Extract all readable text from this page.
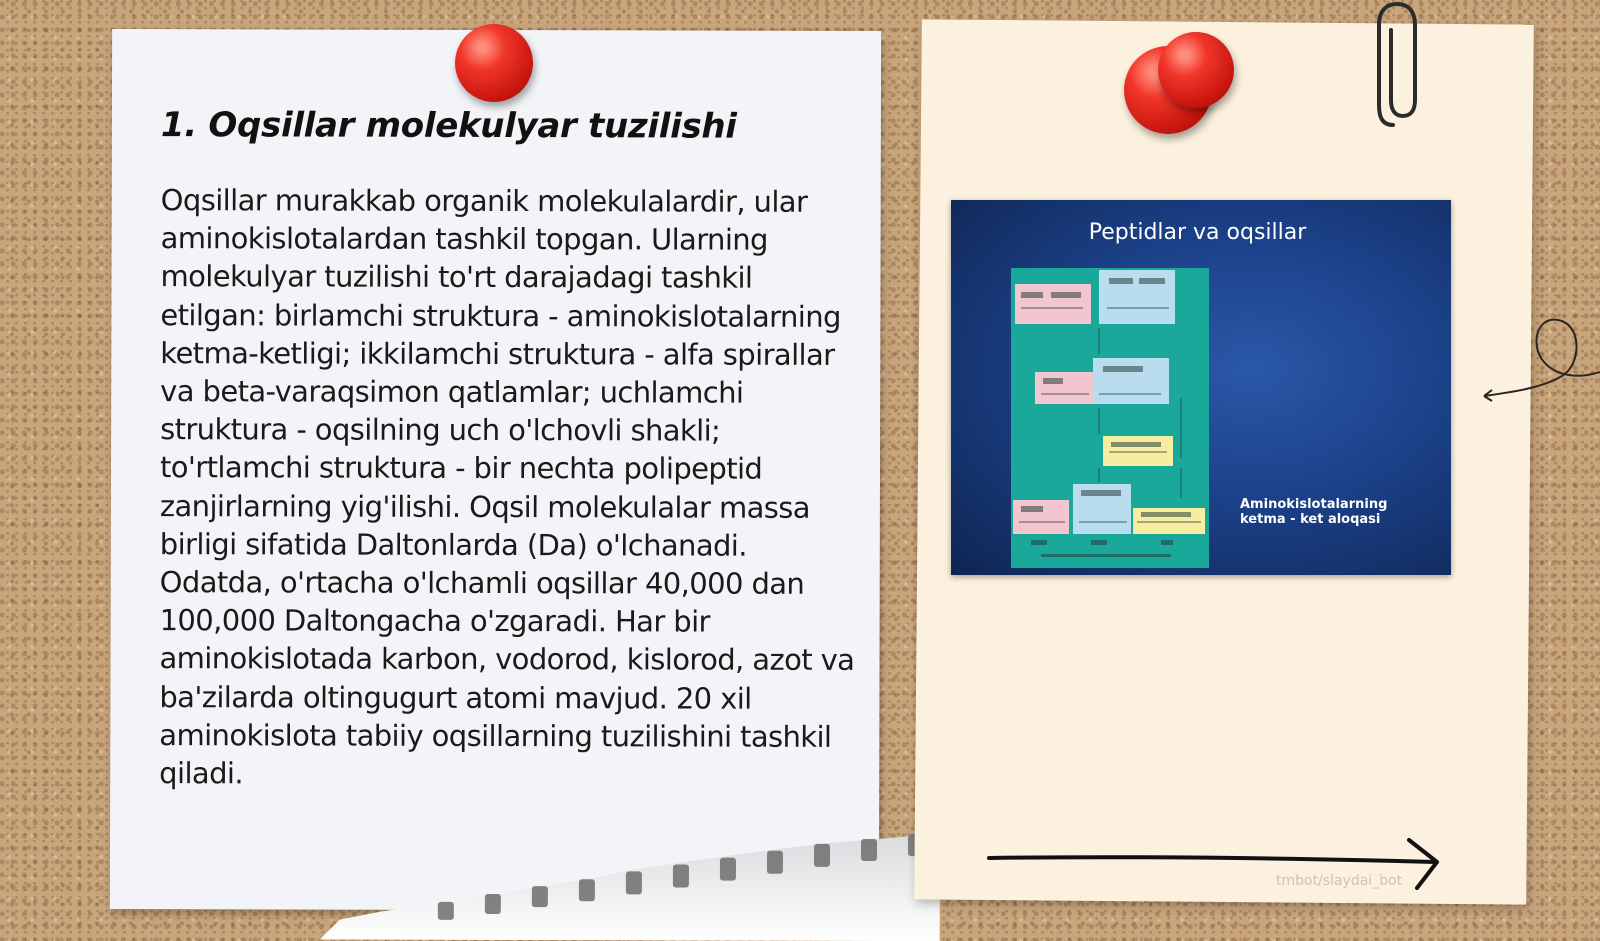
1. Oqsillar molekulyar tuzilishi

Oqsillar murakkab organik molekulalardir, ular aminokislotalardan tashkil topgan. Ularning molekulyar tuzilishi to'rt darajadagi tashkil etilgan: birlamchi struktura - aminokislotalarning ketma-ketligi; ikkilamchi struktura - alfa spirallar va beta-varaqsimon qatlamlar; uchlamchi struktura - oqsilning uch o'lchovli shakli; to'rtlamchi struktura - bir nechta polipeptid zanjirlarning yig'ilishi. Oqsil molekulalar massa birligi sifatida Daltonlarda (Da) o'lchanadi. Odatda, o'rtacha o'lchamli oqsillar 40,000 dan 100,000 Daltongacha o'zgaradi. Har bir aminokislotada karbon, vodorod, kislorod, azot va ba'zilarda oltingugurt atomi mavjud. 20 xil aminokislota tabiiy oqsillarning tuzilishini tashkil qiladi.

Peptidlar va oqsillar

Aminokislotalarning
ketma - ket aloqasi

tmbot/slaydai_bot
